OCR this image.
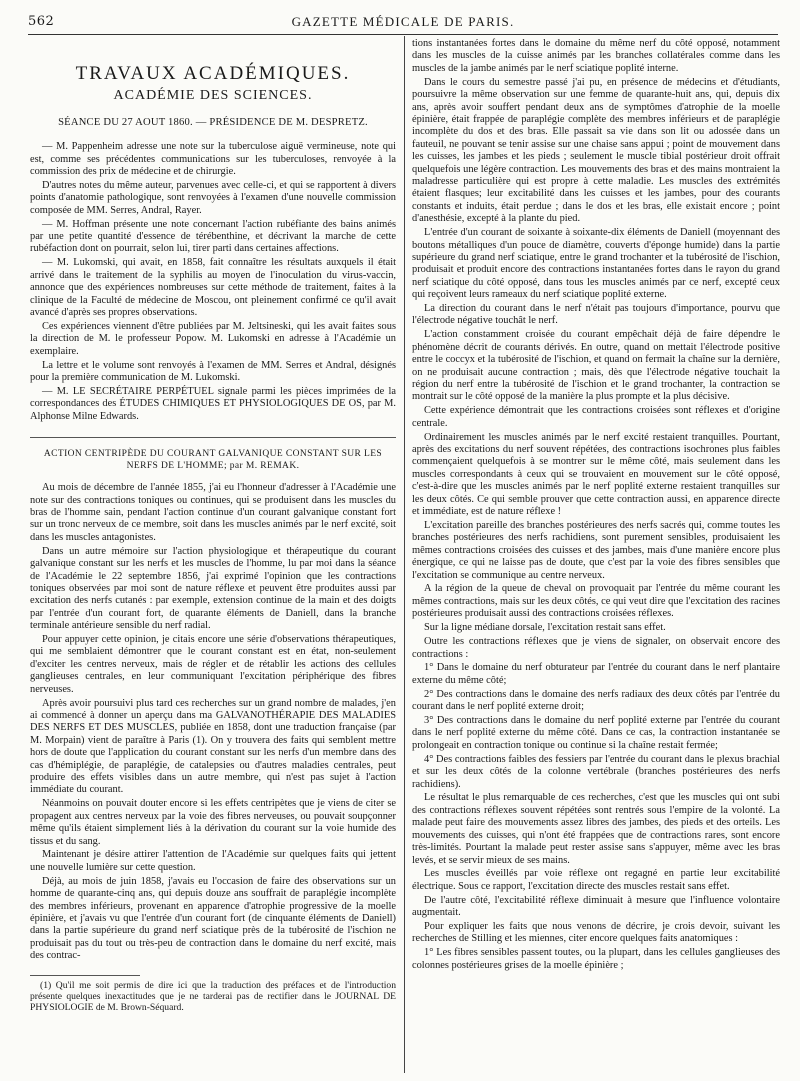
562	GAZETTE MÉDICALE DE PARIS.
TRAVAUX ACADÉMIQUES.
ACADÉMIE DES SCIENCES.
SÉANCE DU 27 AOUT 1860. — PRÉSIDENCE DE M. DESPRETZ.

— M. Pappenheim adresse une note sur la tuberculose aiguë vermineuse, note qui est, comme ses précédentes communications sur les tuberculoses, renvoyée à la commission des prix de médecine et de chirurgie.

D'autres notes du même auteur, parvenues avec celle-ci, et qui se rapportent à divers points d'anatomie pathologique, sont renvoyées à l'examen d'une nouvelle commission composée de MM. Serres, Andral, Rayer.

— M. Hoffman présente une note concernant l'action rubéfiante des bains animés par une petite quantité d'essence de térébenthine, et décrivant la marche de cette rubéfaction dont on pourrait, selon lui, tirer parti dans certaines affections.

— M. Lukomski, qui avait, en 1858, fait connaître les résultats auxquels il était arrivé dans le traitement de la syphilis au moyen de l'inoculation du virus-vaccin, annonce que des expériences nombreuses sur cette méthode de traitement, faites à la clinique de la Faculté de médecine de Moscou, ont pleinement confirmé ce qu'il avait avancé d'après ses propres observations.

Ces expériences viennent d'être publiées par M. Jeltsineski, qui les avait faites sous la direction de M. le professeur Popow. M. Lukomski en adresse à l'Académie un exemplaire.

La lettre et le volume sont renvoyés à l'examen de MM. Serres et Andral, désignés pour la première communication de M. Lukomski.

— M. LE SECRÉTAIRE PERPÉTUEL signale parmi les pièces imprimées de la correspondances des ÉTUDES CHIMIQUES ET PHYSIOLOGIQUES DE OS, par M. Alphonse Milne Edwards.

ACTION CENTRIPÈDE DU COURANT GALVANIQUE CONSTANT SUR LES NERFS DE L'HOMME; par M. REMAK.

Au mois de décembre de l'année 1855, j'ai eu l'honneur d'adresser à l'Académie une note sur des contractions toniques ou continues, qui se produisent dans les muscles du bras de l'homme sain, pendant l'action continue d'un courant galvanique constant fort sur un tronc nerveux de ce membre, soit dans les muscles animés par le nerf excité, soit dans les muscles antagonistes.

Dans un autre mémoire sur l'action physiologique et thérapeutique du courant galvanique constant sur les nerfs et les muscles de l'homme, lu par moi dans la séance de l'Académie le 22 septembre 1856, j'ai exprimé l'opinion que les contractions toniques observées par moi sont de nature réflexe et peuvent être produites aussi par excitation des nerfs cutanés : par exemple, extension continue de la main et des doigts par l'entrée d'un courant fort, de quarante éléments de Daniell, dans la branche terminale antérieure sensible du nerf radial.

Pour appuyer cette opinion, je citais encore une série d'observations thérapeutiques, qui me semblaient démontrer que le courant constant est en état, non-seulement d'exciter les centres nerveux, mais de régler et de rétablir les actions des cellules ganglieuses centrales, en leur communiquant l'excitation périphérique des fibres nerveuses.

Après avoir poursuivi plus tard ces recherches sur un grand nombre de malades, j'en ai commencé à donner un aperçu dans ma GALVANOTHÉRAPIE DES MALADIES DES NERFS ET DES MUSCLES, publiée en 1858, dont une traduction française (par M. Morpain) vient de paraître à Paris (1). On y trouvera des faits qui semblent mettre hors de doute que l'application du courant constant sur les nerfs d'un membre dans des cas d'hémiplégie, de paraplégie, de catalepsies ou d'autres maladies centrales, peut produire des effets visibles dans un autre membre, qui n'est pas sujet à l'action immédiate du courant.

Néanmoins on pouvait douter encore si les effets centripètes que je viens de citer se propagent aux centres nerveux par la voie des fibres nerveuses, ou pouvait soupçonner même qu'ils étaient simplement liés à la dérivation du courant sur la voie humide des tissus et du sang.

Maintenant je désire attirer l'attention de l'Académie sur quelques faits qui jettent une nouvelle lumière sur cette question.

Déjà, au mois de juin 1858, j'avais eu l'occasion de faire des observations sur un homme de quarante-cinq ans, qui depuis douze ans souffrait de paraplégie incomplète des membres inférieurs, provenant en apparence d'atrophie progressive de la moelle épinière, et j'avais vu que l'entrée d'un courant fort (de cinquante éléments de Daniell) dans la partie supérieure du grand nerf sciatique près de la tubérosité de l'ischion ne produisait pas du tout ou très-peu de contraction dans le domaine du nerf excité, mais des contrac-

(1) Qu'il me soit permis de dire ici que la traduction des préfaces et de l'introduction présente quelques inexactitudes que je ne tarderai pas de rectifier dans le JOURNAL DE PHYSIOLOGIE de M. Brown-Séquard.

tions instantanées fortes dans le domaine du même nerf du côté opposé, notamment dans les muscles de la cuisse animés par les branches collatérales comme dans les muscles de la jambe animés par le nerf sciatique poplité interne.

Dans le cours du semestre passé j'ai pu, en présence de médecins et d'étudiants, poursuivre la même observation sur une femme de quarante-huit ans, qui, depuis dix ans, après avoir souffert pendant deux ans de symptômes d'atrophie de la moelle épinière, était frappée de paraplégie complète des membres inférieurs et de paraplégie incomplète du dos et des bras. Elle passait sa vie dans son lit ou adossée dans un fauteuil, ne pouvant se tenir assise sur une chaise sans appui ; point de mouvement dans les cuisses, les jambes et les pieds ; seulement le muscle tibial postérieur droit offrait quelquefois une légère contraction. Les mouvements des bras et des mains montraient la maladresse particulière qui est propre à cette maladie. Les muscles des extrémités étaient flasques; leur excitabilité dans les cuisses et les jambes, pour des courants constants et induits, était perdue ; dans le dos et les bras, elle existait encore ; point d'anesthésie, excepté à la plante du pied.

L'entrée d'un courant de soixante à soixante-dix éléments de Daniell (moyennant des boutons métalliques d'un pouce de diamètre, couverts d'éponge humide) dans la partie supérieure du grand nerf sciatique, entre le grand trochanter et la tubérosité de l'ischion, produisait et produit encore des contractions instantanées fortes dans le rayon du grand nerf sciatique du côté opposé, dans tous les muscles animés par ce nerf, excepté ceux qui reçoivent leurs rameaux du nerf sciatique poplité externe.

La direction du courant dans le nerf n'était pas toujours d'importance, pourvu que l'électrode négative touchât le nerf.

L'action constamment croisée du courant empêchait déjà de faire dépendre le phénomène décrit de courants dérivés. En outre, quand on mettait l'électrode positive entre le coccyx et la tubérosité de l'ischion, et quand on fermait la chaîne sur la dernière, on ne produisait aucune contraction ; mais, dès que l'électrode négative touchait la région du nerf entre la tubérosité de l'ischion et le grand trochanter, la contraction se montrait sur le côté opposé de la manière la plus prompte et la plus décisive.

Cette expérience démontrait que les contractions croisées sont réflexes et d'origine centrale.

Ordinairement les muscles animés par le nerf excité restaient tranquilles. Pourtant, après des excitations du nerf souvent répétées, des contractions isochrones plus faibles commençaient quelquefois à se montrer sur le même côté, mais seulement dans les muscles correspondants à ceux qui se trouvaient en mouvement sur le côté opposé, c'est-à-dire que les muscles animés par le nerf poplité externe restaient tranquilles sur les deux côtés. Ce qui semble prouver que cette contraction aussi, en apparence directe et immédiate, est de nature réflexe !

L'excitation pareille des branches postérieures des nerfs sacrés qui, comme toutes les branches postérieures des nerfs rachidiens, sont purement sensibles, produisaient les mêmes contractions croisées des cuisses et des jambes, mais d'une manière encore plus énergique, ce qui ne laisse pas de doute, que c'est par la voie des fibres sensibles que l'excitation se communique au centre nerveux.

A la région de la queue de cheval on provoquait par l'entrée du même courant les mêmes contractions, mais sur les deux côtés, ce qui veut dire que l'excitation des racines postérieures produisait aussi des contractions croisées réflexes.

Sur la ligne médiane dorsale, l'excitation restait sans effet.

Outre les contractions réflexes que je viens de signaler, on observait encore des contractions :

1° Dans le domaine du nerf obturateur par l'entrée du courant dans le nerf plantaire externe du même côté;

2° Des contractions dans le domaine des nerfs radiaux des deux côtés par l'entrée du courant dans le nerf poplité externe droit;

3° Des contractions dans le domaine du nerf poplité externe par l'entrée du courant dans le nerf poplité externe du même côté. Dans ce cas, la contraction instantanée se prolongeait en contraction tonique ou continue si la chaîne restait fermée;

4° Des contractions faibles des fessiers par l'entrée du courant dans le plexus brachial et sur les deux côtés de la colonne vertébrale (branches postérieures des nerfs rachidiens).

Le résultat le plus remarquable de ces recherches, c'est que les muscles qui ont subi des contractions réflexes souvent répétées sont rentrés sous l'empire de la volonté. La malade peut faire des mouvements assez libres des jambes, des pieds et des orteils. Les mouvements des cuisses, qui n'ont été frappées que de contractions rares, sont encore très-limités. Pourtant la malade peut rester assise sans s'appuyer, même avec les bras levés, et se servir mieux de ses mains.

Les muscles éveillés par voie réflexe ont regagné en partie leur excitabilité électrique. Sous ce rapport, l'excitation directe des muscles restait sans effet.

De l'autre côté, l'excitabilité réflexe diminuait à mesure que l'influence volontaire augmentait.

Pour expliquer les faits que nous venons de décrire, je crois devoir, suivant les recherches de Stilling et les miennes, citer encore quelques faits anatomiques :

1° Les fibres sensibles passent toutes, ou la plupart, dans les cellules ganglieuses des colonnes postérieures grises de la moelle épinière ;
